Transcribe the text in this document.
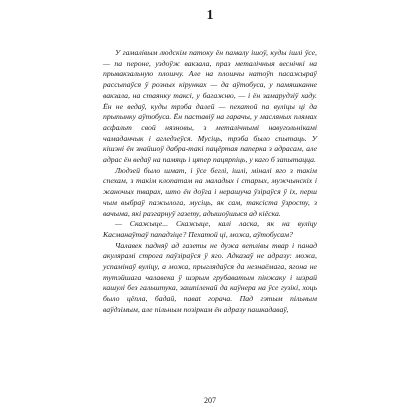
1

У гамалíвым людскім патоку ён памалу ішоў, куды ішлі ўсе, — па пероне, уздоўж вакзала, праз металічныя веснічкі на прывакзальную плошчу. Але на плошчы натоўп пасажыраў рассыпаўся ў розных кірунках — да аўтобуса, у памяшканне вакзала, на стаянку таксі, у багажню, — і ён замарудзіў хаду. Ён не ведаў, куды трэба далей — пехатой па вуліцы ці да прыпынку аўтобуса. Ён паставіў на гарачы, у масляных плямах асфальт свой нязновы, з металічнымі навугольнікамі чамаданчык і агледзеўся. Мусіць, трэба было спытаць. У кішэні ён знайшоў дабра-такі пацёртая паперка з адрасам, але адрас ён ведаў на памяць і цяпер пацярпіць, у каго б запытацца.

Людзей было шмат, і ўсе беглі, ішлі, міналі яго з такім спехам, з такім клопатам на маладых і старых, мужчынскіх і жаночых тварах, што ён доўга і нерашуча ўзіраўся ў іх, перш чым выбраў пажылога, мусіць, як сам, таксіста ўзросту, з вачыма, які разгарнуў газету, адышоўшыся ад кіёска.

— Скажыце... Скажыце, калі ласка, як на вуліцу Касманаўтаў пападзіце? Пехатой ці, можа, аўтобусам?

Чалавек падняў ад газеты не дужа ветлівы твар і панад акулярамі строга паўзіраўся ў яго. Адказаў не адразу: можа, успамінаў вуліцу, а можа, прыглядаўся да незнаёмага, ягона не тутэйшага чалавека ў шэрым грубаватым пінжаку і шэрай кашулі без гальштука, зашпіленай да каўнера на ўсе гузікі, хоць было цёпла, бадай, паваt горача. Пад гэтым пільным ваўдзімым, але пільным позіркам ён адразу пашкадаваў,

207
